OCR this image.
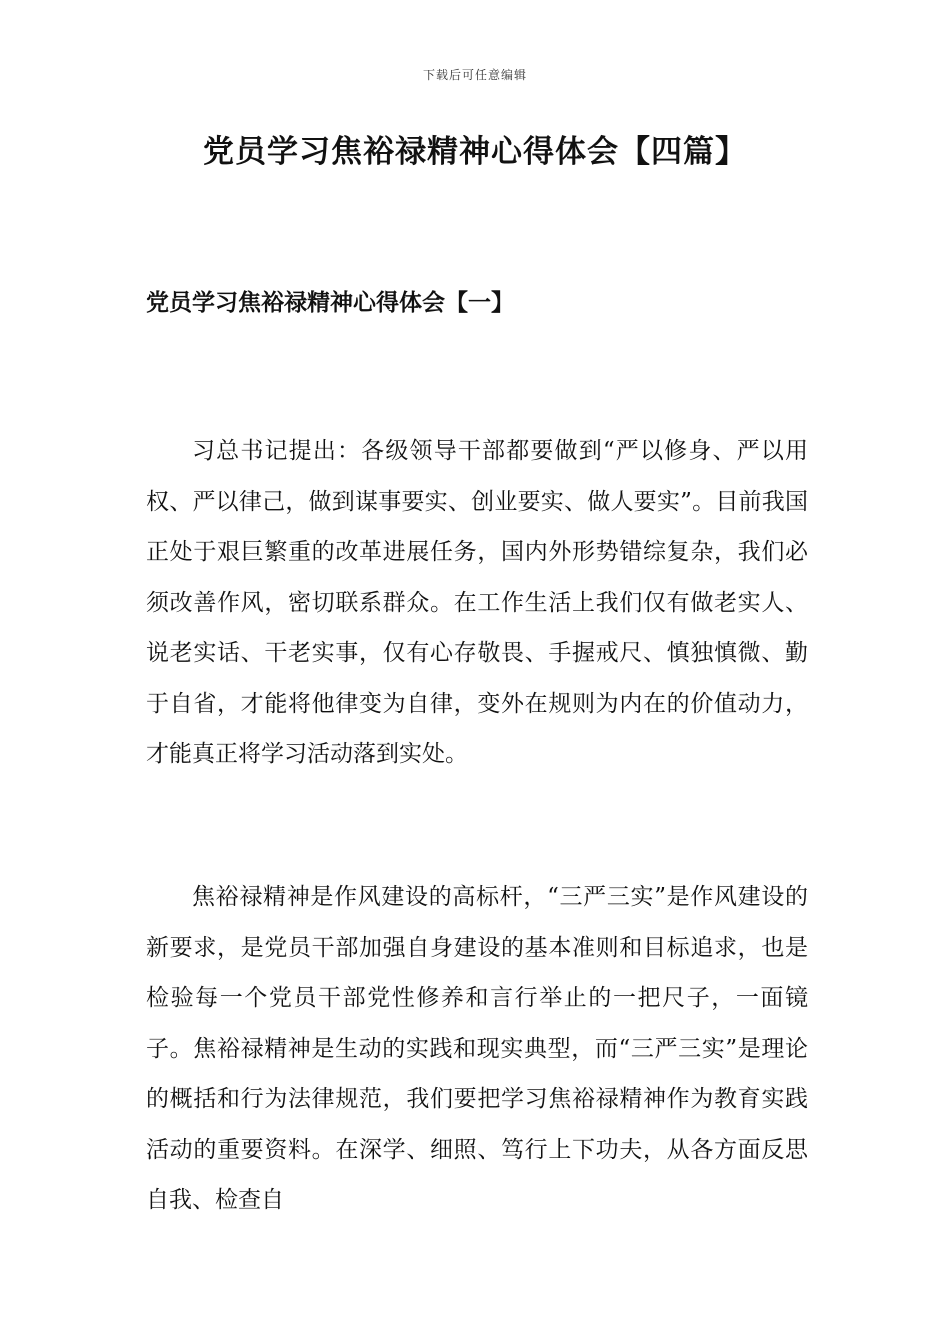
下载后可任意编辑
党员学习焦裕禄精神心得体会【四篇】
党员学习焦裕禄精神心得体会【一】

习总书记提出：各级领导干部都要做到“严以修身、严以用权、严以律己，做到谋事要实、创业要实、做人要实”。目前我国正处于艰巨繁重的改革进展任务，国内外形势错综复杂，我们必须改善作风，密切联系群众。在工作生活上我们仅有做老实人、说老实话、干老实事，仅有心存敬畏、手握戒尺、慎独慎微、勤于自省，才能将他律变为自律，变外在规则为内在的价值动力，才能真正将学习活动落到实处。

焦裕禄精神是作风建设的高标杆，“三严三实”是作风建设的新要求，是党员干部加强自身建设的基本准则和目标追求，也是检验每一个党员干部党性修养和言行举止的一把尺子，一面镜子。焦裕禄精神是生动的实践和现实典型，而“三严三实”是理论的概括和行为法律规范，我们要把学习焦裕禄精神作为教育实践活动的重要资料。在深学、细照、笃行上下功夫，从各方面反思自我、检查自
